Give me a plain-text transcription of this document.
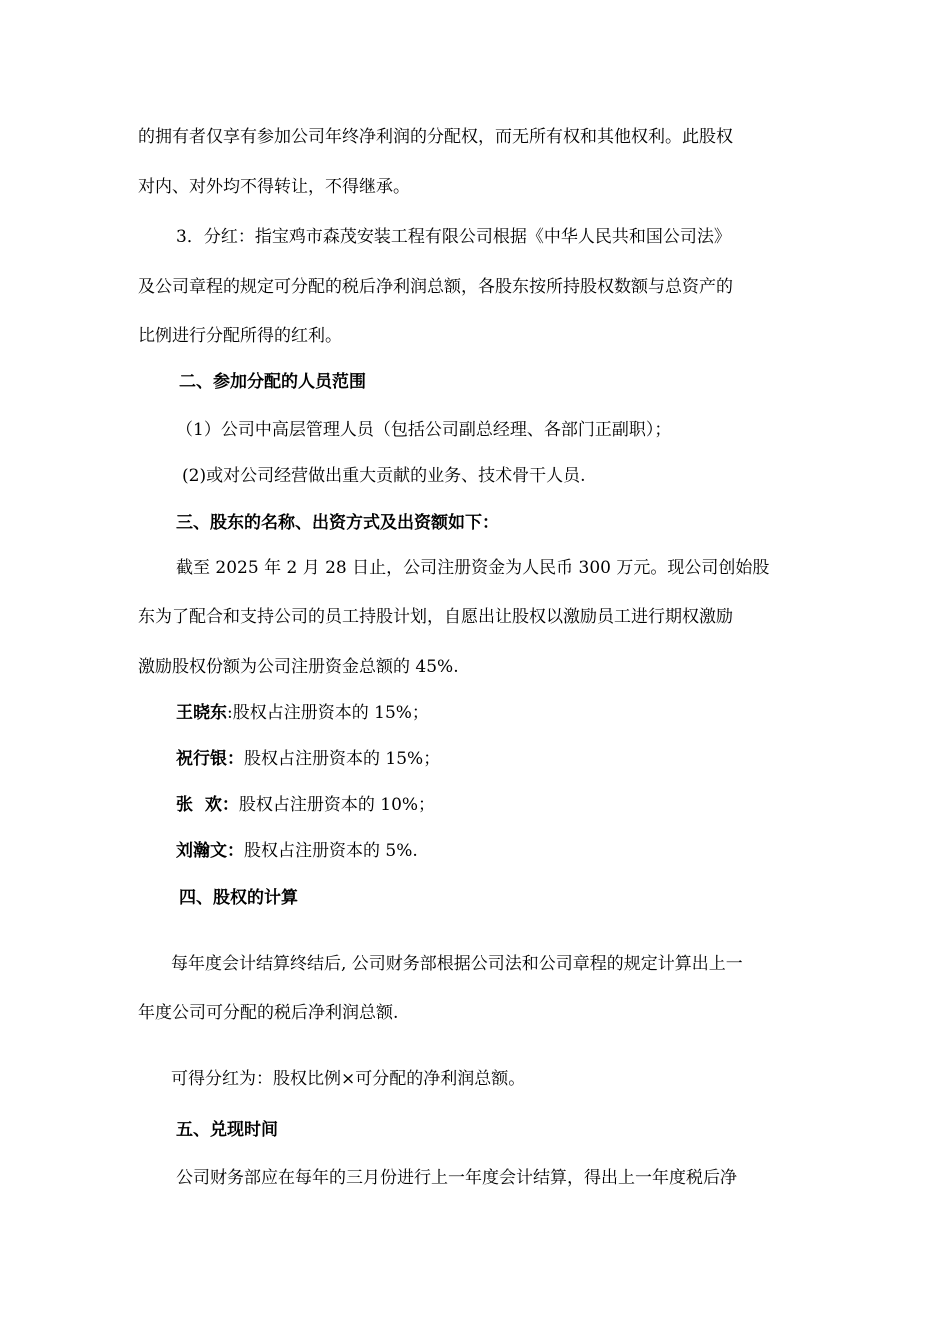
的拥有者仅享有参加公司年终净利润的分配权，而无所有权和其他权利。此股权
对内、对外均不得转让，不得继承。
3．分红：指宝鸡市森茂安装工程有限公司根据《中华人民共和国公司法》
及公司章程的规定可分配的税后净利润总额，各股东按所持股权数额与总资产的
比例进行分配所得的红利。
二、参加分配的人员范围
（1）公司中高层管理人员（包括公司副总经理、各部门正副职）；
(2)或对公司经营做出重大贡献的业务、技术骨干人员.
三、股东的名称、出资方式及出资额如下：
截至 2025 年 2 月 28 日止，公司注册资金为人民币 300 万元。现公司创始股
东为了配合和支持公司的员工持股计划，自愿出让股权以激励员工进行期权激励
激励股权份额为公司注册资金总额的 45%.
王晓东:股权占注册资本的 15%；
祝行银：股权占注册资本的 15%；
张  欢：股权占注册资本的 10%；
刘瀚文：股权占注册资本的 5%.
四、股权的计算
每年度会计结算终结后, 公司财务部根据公司法和公司章程的规定计算出上一
年度公司可分配的税后净利润总额.
可得分红为：股权比例×可分配的净利润总额。
五、兑现时间
公司财务部应在每年的三月份进行上一年度会计结算，得出上一年度税后净
